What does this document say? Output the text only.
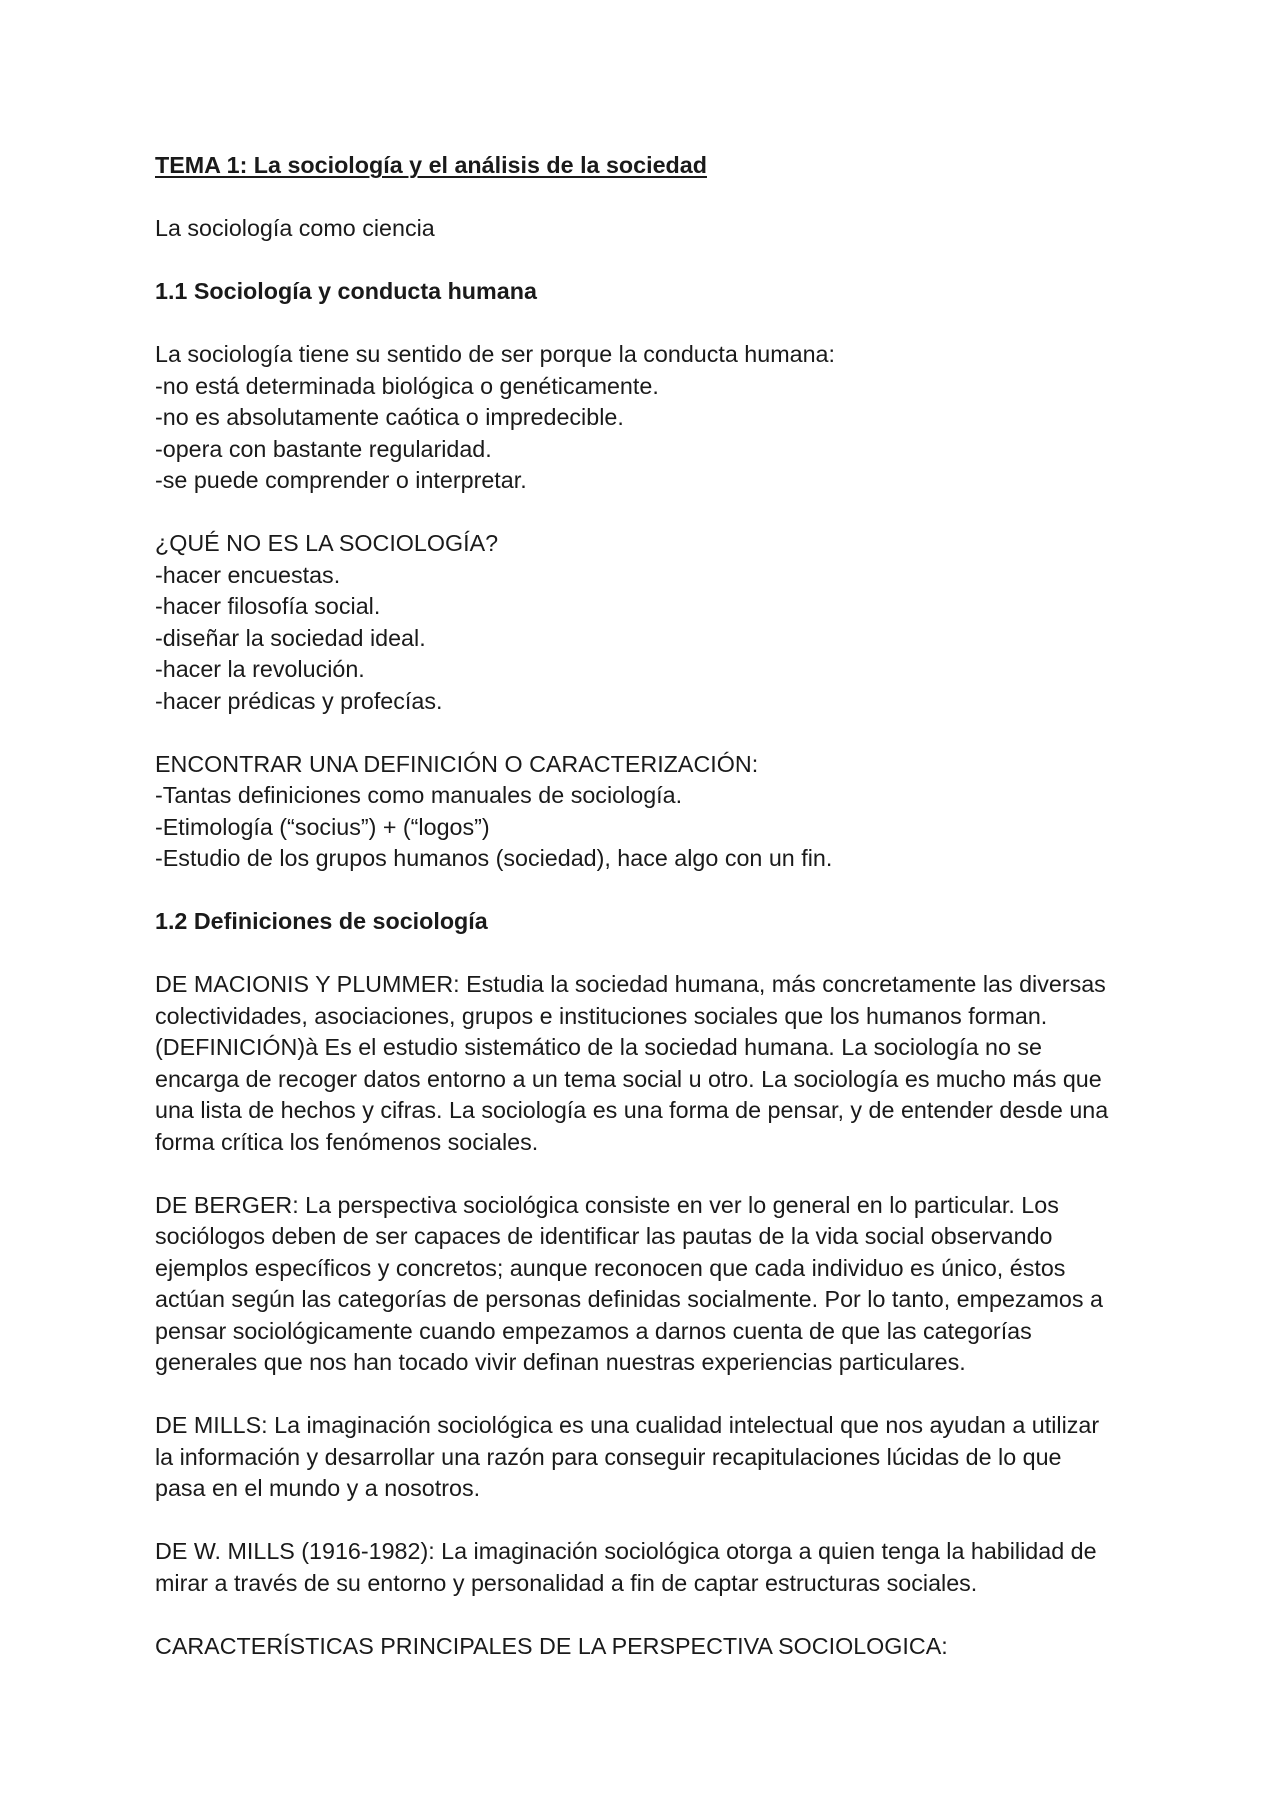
TEMA 1: La sociología y el análisis de la sociedad
La sociología como ciencia
1.1 Sociología y conducta humana
La sociología tiene su sentido de ser porque la conducta humana:
-no está determinada biológica o genéticamente.
-no es absolutamente caótica o impredecible.
-opera con bastante regularidad.
-se puede comprender o interpretar.
¿QUÉ NO ES LA SOCIOLOGÍA?
-hacer encuestas.
-hacer filosofía social.
-diseñar la sociedad ideal.
-hacer la revolución.
-hacer prédicas y profecías.
ENCONTRAR UNA DEFINICIÓN O CARACTERIZACIÓN:
-Tantas definiciones como manuales de sociología.
-Etimología (“socius”) + (“logos”)
-Estudio de los grupos humanos (sociedad), hace algo con un fin.
1.2 Definiciones de sociología
DE MACIONIS Y PLUMMER: Estudia la sociedad humana, más concretamente las diversas
colectividades, asociaciones, grupos e instituciones sociales que los humanos forman.
(DEFINICIÓN)à Es el estudio sistemático de la sociedad humana. La sociología no se
encarga de recoger datos entorno a un tema social u otro. La sociología es mucho más que
una lista de hechos y cifras. La sociología es una forma de pensar, y de entender desde una
forma crítica los fenómenos sociales.
DE BERGER: La perspectiva sociológica consiste en ver lo general en lo particular. Los
sociólogos deben de ser capaces de identificar las pautas de la vida social observando
ejemplos específicos y concretos; aunque reconocen que cada individuo es único, éstos
actúan según las categorías de personas definidas socialmente. Por lo tanto, empezamos a
pensar sociológicamente cuando empezamos a darnos cuenta de que las categorías
generales que nos han tocado vivir definan nuestras experiencias particulares.
DE MILLS: La imaginación sociológica es una cualidad intelectual que nos ayudan a utilizar
la información y desarrollar una razón para conseguir recapitulaciones lúcidas de lo que
pasa en el mundo y a nosotros.
DE W. MILLS (1916-1982): La imaginación sociológica otorga a quien tenga la habilidad de
mirar a través de su entorno y personalidad a fin de captar estructuras sociales.
CARACTERÍSTICAS PRINCIPALES DE LA PERSPECTIVA SOCIOLOGICA:
